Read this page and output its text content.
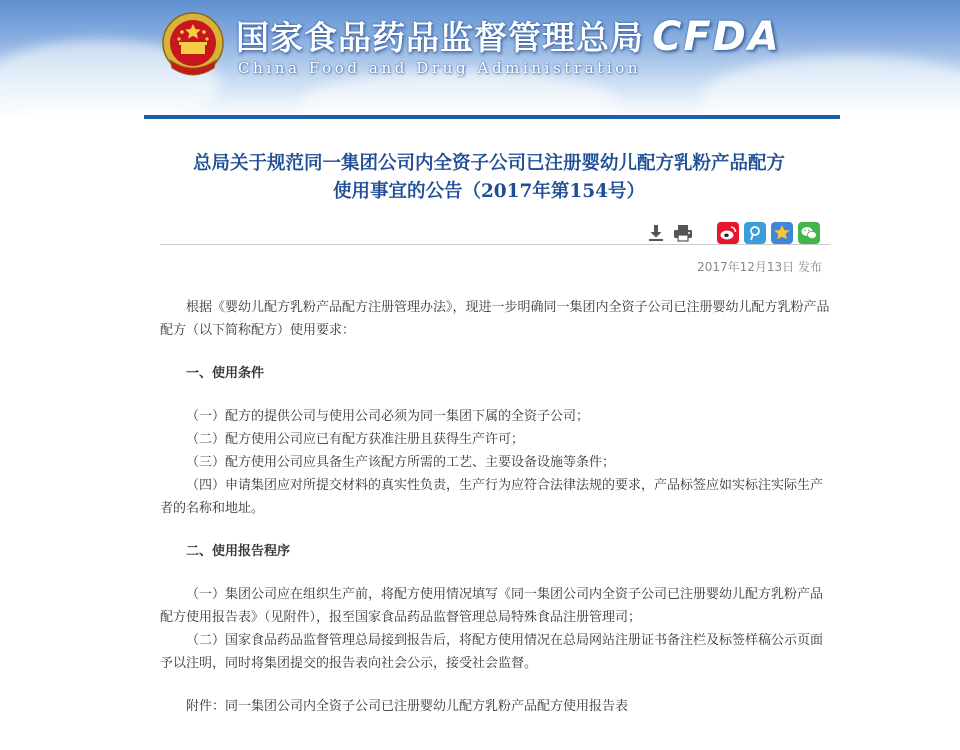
国家食品药品监督管理总局
China Food and Drug Administration
CFDA
总局关于规范同一集团公司内全资子公司已注册婴幼儿配方乳粉产品配方
使用事宜的公告（2017年第154号）
2017年12月13日 发布

根据《婴幼儿配方乳粉产品配方注册管理办法》，现进一步明确同一集团内全资子公司已注册婴幼儿配方乳粉产品配方（以下简称配方）使用要求：

一、使用条件

（一）配方的提供公司与使用公司必须为同一集团下属的全资子公司；

（二）配方使用公司应已有配方获准注册且获得生产许可；

（三）配方使用公司应具备生产该配方所需的工艺、主要设备设施等条件；

（四）申请集团应对所提交材料的真实性负责，生产行为应符合法律法规的要求，产品标签应如实标注实际生产者的名称和地址。

二、使用报告程序

（一）集团公司应在组织生产前，将配方使用情况填写《同一集团公司内全资子公司已注册婴幼儿配方乳粉产品配方使用报告表》（见附件），报至国家食品药品监督管理总局特殊食品注册管理司；

（二）国家食品药品监督管理总局接到报告后，将配方使用情况在总局网站注册证书备注栏及标签样稿公示页面予以注明，同时将集团提交的报告表向社会公示，接受社会监督。

附件：同一集团公司内全资子公司已注册婴幼儿配方乳粉产品配方使用报告表
